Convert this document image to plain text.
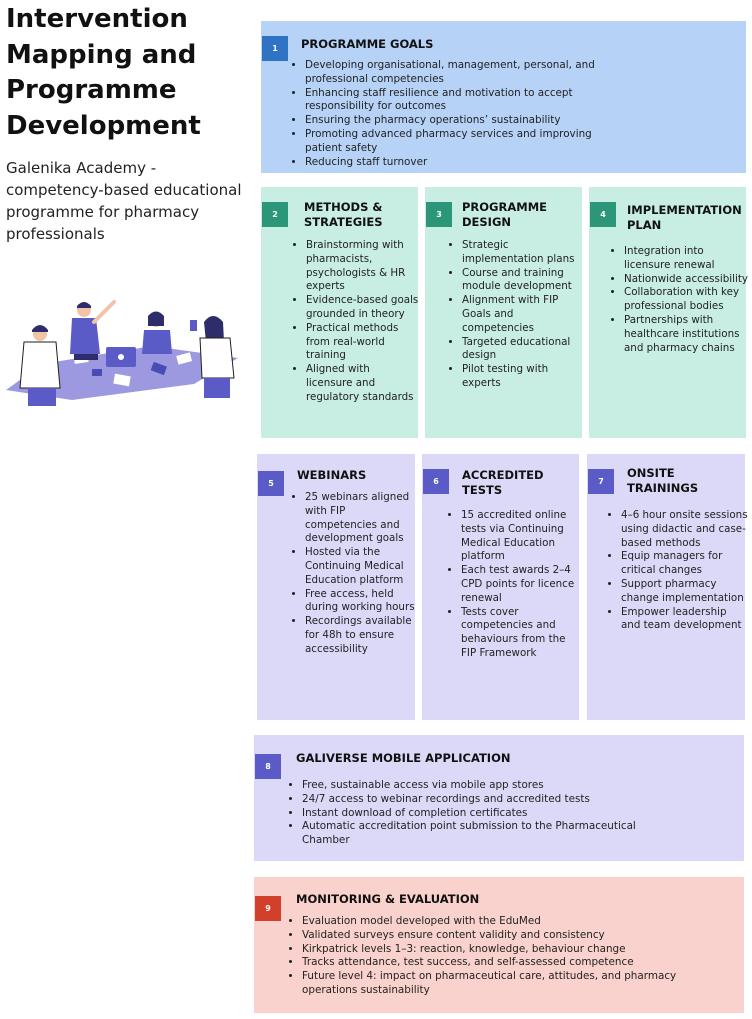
Intervention Mapping and Programme Development

Galenika Academy - competency-based educational programme for pharmacy professionals

1	PROGRAMME GOALS
• Developing organisational, management, personal, and professional competencies
• Enhancing staff resilience and motivation to accept responsibility for outcomes
• Ensuring the pharmacy operations’ sustainability
• Promoting advanced pharmacy services and improving patient safety
• Reducing staff turnover
2
METHODS & STRATEGIES
• Brainstorming with pharmacists, psychologists & HR experts
• Evidence-based goals grounded in theory
• Practical methods from real-world training
• Aligned with licensure and regulatory standards
3
PROGRAMME DESIGN
• Strategic implementation plans
• Course and training module development
• Alignment with FIP Goals and competencies
• Targeted educational design
• Pilot testing with experts
4	IMPLEMENTATION PLAN
• Integration into licensure renewal
• Nationwide accessibility
• Collaboration with key professional bodies
• Partnerships with healthcare institutions and pharmacy chains
5
WEBINARS
• 25 webinars aligned with FIP competencies and development goals
• Hosted via the Continuing Medical Education platform
• Free access, held during working hours
• Recordings available for 48h to ensure accessibility
6	ACCREDITED TESTS
• 15 accredited online tests via Continuing Medical Education platform
• Each test awards 2–4 CPD points for licence renewal
• Tests cover competencies and behaviours from the FIP Framework
7
ONSITE TRAININGS
• 4–6 hour onsite sessions using didactic and case-based methods
• Equip managers for critical changes
• Support pharmacy change implementation
• Empower leadership and team development
8
GALIVERSE MOBILE APPLICATION
• Free, sustainable access via mobile app stores
• 24/7 access to webinar recordings and accredited tests
• Instant download of completion certificates
• Automatic accreditation point submission to the Pharmaceutical Chamber
9
MONITORING & EVALUATION
• Evaluation model developed with the EduMed
• Validated surveys ensure content validity and consistency
• Kirkpatrick levels 1–3: reaction, knowledge, behaviour change
• Tracks attendance, test success, and self-assessed competence
• Future level 4: impact on pharmaceutical care, attitudes, and pharmacy operations sustainability
